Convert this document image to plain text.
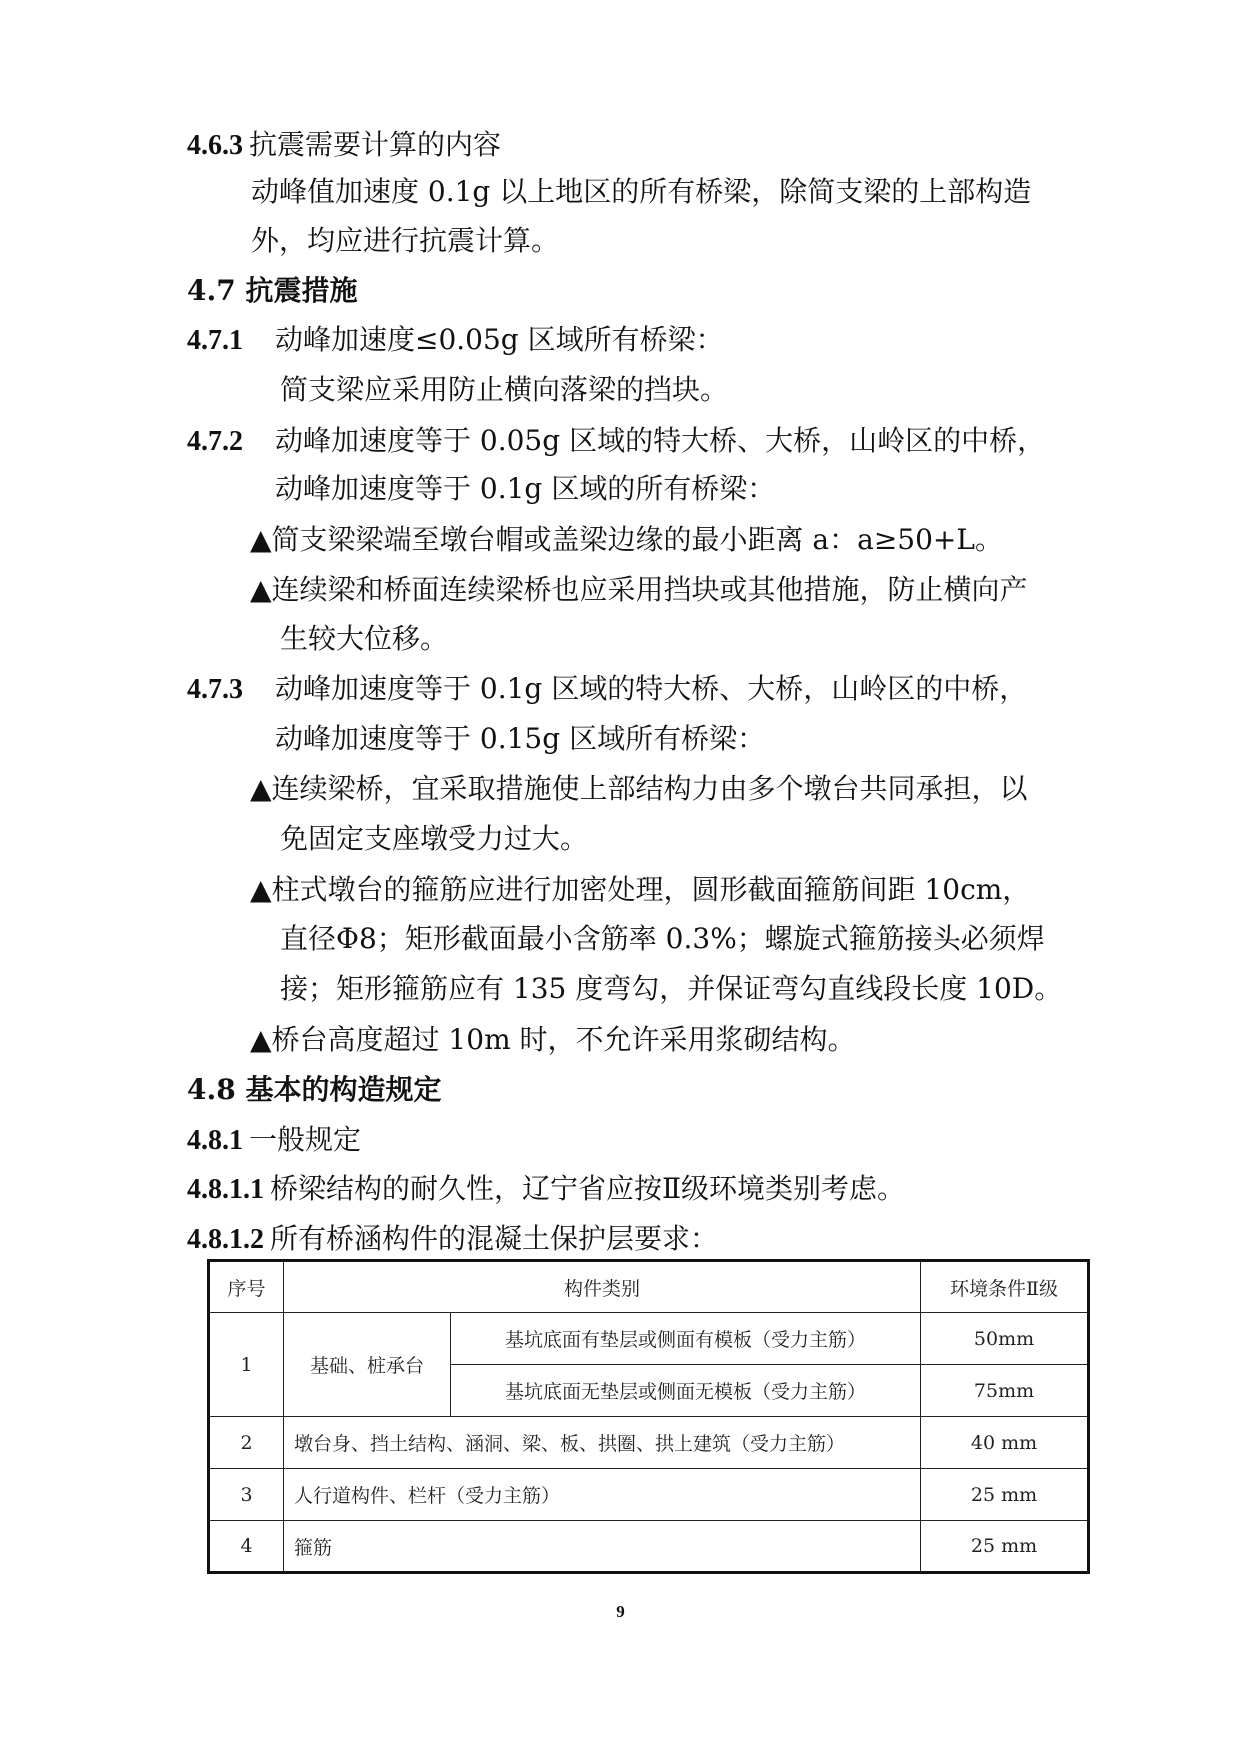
4.6.3 抗震需要计算的内容
动峰值加速度 0.1g 以上地区的所有桥梁，除简支梁的上部构造
外，均应进行抗震计算。
4.7 抗震措施
4.7.1 动峰加速度≤0.05g 区域所有桥梁：
简支梁应采用防止横向落梁的挡块。
4.7.2 动峰加速度等于 0.05g 区域的特大桥、大桥，山岭区的中桥，
动峰加速度等于 0.1g 区域的所有桥梁：
▲简支梁梁端至墩台帽或盖梁边缘的最小距离 a：a≥50+L。
▲连续梁和桥面连续梁桥也应采用挡块或其他措施，防止横向产
生较大位移。
4.7.3 动峰加速度等于 0.1g 区域的特大桥、大桥，山岭区的中桥，
动峰加速度等于 0.15g 区域所有桥梁：
▲连续梁桥，宜采取措施使上部结构力由多个墩台共同承担，以
免固定支座墩受力过大。
▲柱式墩台的箍筋应进行加密处理，圆形截面箍筋间距 10cm，
直径Φ8；矩形截面最小含筋率 0.3%；螺旋式箍筋接头必须焊
接；矩形箍筋应有 135 度弯勾，并保证弯勾直线段长度 10D。
▲桥台高度超过 10m 时，不允许采用浆砌结构。
4.8 基本的构造规定
4.8.1 一般规定
4.8.1.1 桥梁结构的耐久性，辽宁省应按Ⅱ级环境类别考虑。
4.8.1.2 所有桥涵构件的混凝土保护层要求：
序号	构件类别		环境条件Ⅱ级
1	基础、桩承台	基坑底面有垫层或侧面有模板（受力主筋）	50mm
		基坑底面无垫层或侧面无模板（受力主筋）	75mm
2	墩台身、挡土结构、涵洞、梁、板、拱圈、拱上建筑（受力主筋）		40 mm
3	人行道构件、栏杆（受力主筋）		25 mm
4	箍筋		25 mm
9
